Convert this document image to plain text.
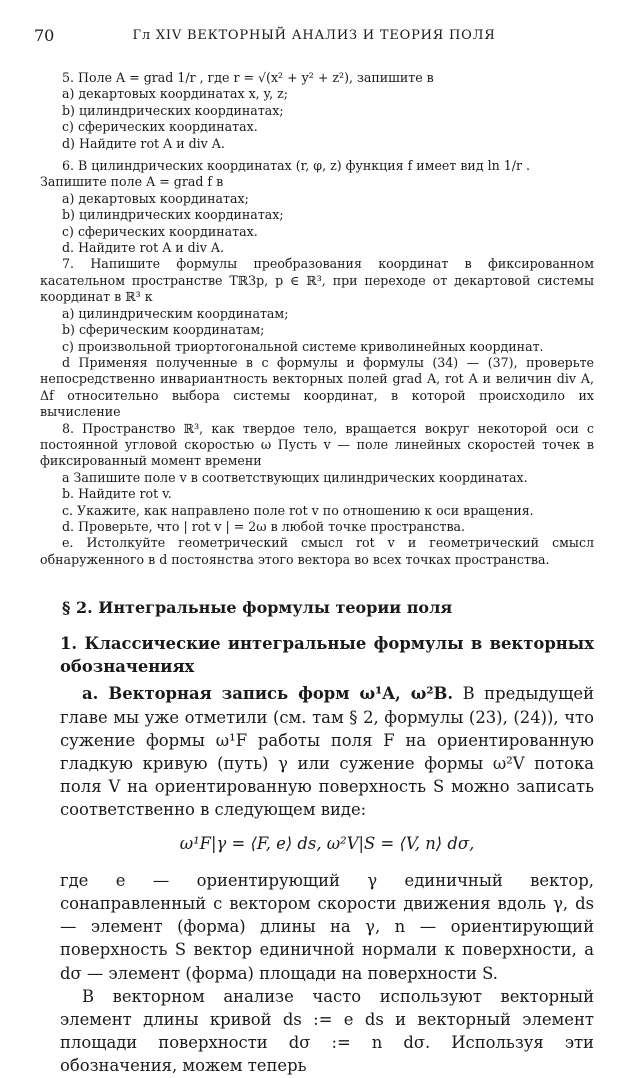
70	Гл XIV ВЕКТОРНЫЙ АНАЛИЗ И ТЕОРИЯ ПОЛЯ

5. Поле A = grad 1/r , где r = √(x² + y² + z²), запишите в

a) декартовых координатах x, y, z;

b) цилиндрических координатах;

c) сферических координатах.

d) Найдите rot A и div A.

6. В цилиндрических координатах (r, φ, z) функция f имеет вид ln 1/r .

Запишите поле A = grad f в

a) декартовых координатах;

b) цилиндрических координатах;

c) сферических координатах.

d. Найдите rot A и div A.

7. Напишите формулы преобразования координат в фиксированном касательном пространстве TℝЗp, p ∈ ℝ³, при переходе от декартовой системы координат в ℝ³ к

a) цилиндрическим координатам;

b) сферическим координатам;

c) произвольной триортогональной системе криволинейных координат.

d Применяя полученные в с формулы и формулы (34) — (37), проверьте непосредственно инвариантность векторных полей grad A, rot A и величин div A, Δf относительно выбора системы координат, в которой происходило их вычисление

8. Пространство ℝ³, как твердое тело, вращается вокруг некоторой оси с постоянной угловой скоростью ω Пусть v — поле линейных скоростей точек в фиксированный момент времени

a Запишите поле v в соответствующих цилиндрических координатах.

b. Найдите rot v.

c. Укажите, как направлено поле rot v по отношению к оси вращения.

d. Проверьте, что | rot v | = 2ω в любой точке пространства.

e. Истолкуйте геометрический смысл rot v и геометрический смысл обнаруженного в d постоянства этого вектора во всех точках пространства.

§ 2. Интегральные формулы теории поля

1. Классические интегральные формулы в векторных обозначениях

a. Векторная запись форм ω¹A, ω²B. В предыдущей главе мы уже отметили (см. там § 2, формулы (23), (24)), что сужение формы ω¹F работы поля F на ориентированную гладкую кривую (путь) γ или сужение формы ω²V потока поля V на ориентированную поверхность S можно записать соответственно в следующем виде:

ω¹F|γ = ⟨F, e⟩ ds, ω²V|S = ⟨V, n⟩ dσ,

где e — ориентирующий γ единичный вектор, сонаправленный с вектором скорости движения вдоль γ, ds — элемент (форма) длины на γ, n — ориентирующий поверхность S вектор единичной нормали к поверхности, а dσ — элемент (форма) площади на поверхности S.

В векторном анализе часто используют векторный элемент длины кривой ds := e ds и векторный элемент площади поверхности dσ := n dσ. Используя эти обозначения, можем теперь
